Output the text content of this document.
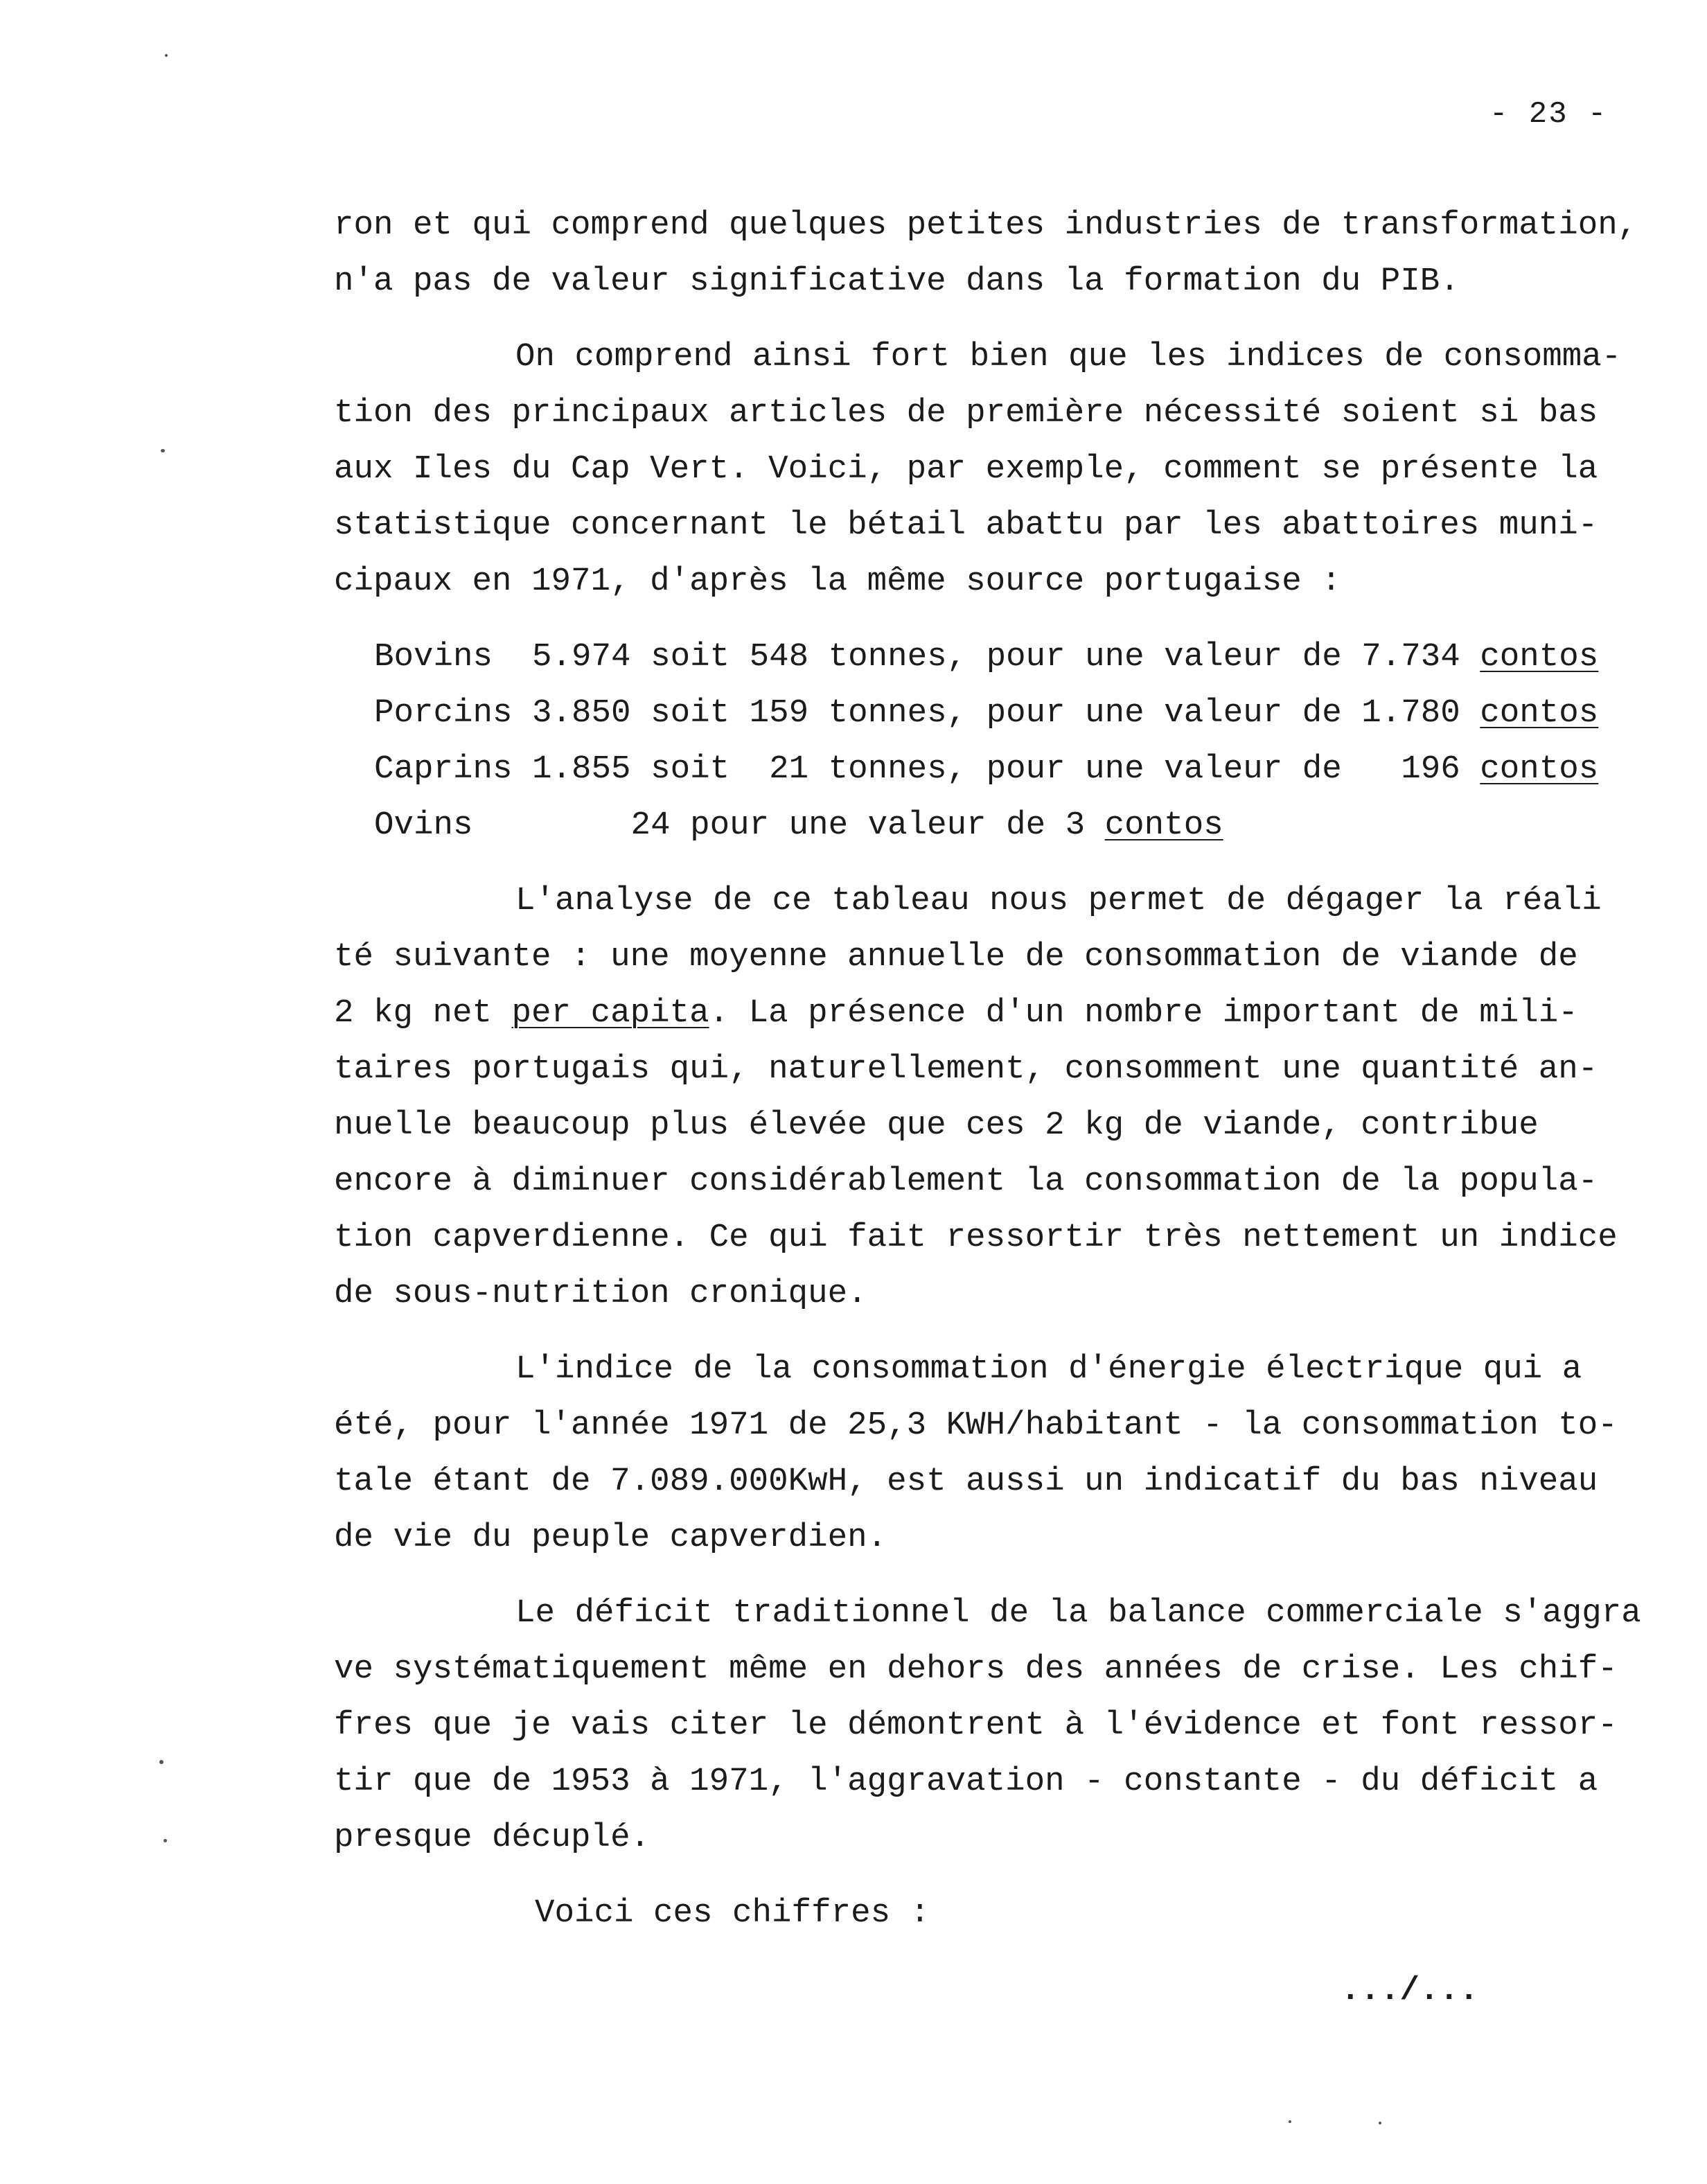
- 23 -
ron et qui comprend quelques petites industries de transformation,
n'a pas de valeur significative dans la formation du PIB.
On comprend ainsi fort bien que les indices de consomma-
tion des principaux articles de première nécessité soient si bas
aux Iles du Cap Vert. Voici, par exemple, comment se présente la
statistique concernant le bétail abattu par les abattoires muni-
cipaux en 1971, d'après la même source portugaise :
Bovins  5.974 soit 548 tonnes, pour une valeur de 7.734 contos
Porcins 3.850 soit 159 tonnes, pour une valeur de 1.780 contos
Caprins 1.855 soit  21 tonnes, pour une valeur de   196 contos
Ovins        24 pour une valeur de 3 contos
L'analyse de ce tableau nous permet de dégager la réali
té suivante : une moyenne annuelle de consommation de viande de
2 kg net per capita. La présence d'un nombre important de mili-
taires portugais qui, naturellement, consomment une quantité an-
nuelle beaucoup plus élevée que ces 2 kg de viande, contribue
encore à diminuer considérablement la consommation de la popula-
tion capverdienne. Ce qui fait ressortir très nettement un indice
de sous-nutrition cronique.
L'indice de la consommation d'énergie électrique qui a
été, pour l'année 1971 de 25,3 KWH/habitant - la consommation to-
tale étant de 7.089.000KwH, est aussi un indicatif du bas niveau
de vie du peuple capverdien.
Le déficit traditionnel de la balance commerciale s'aggra
ve systématiquement même en dehors des années de crise. Les chif-
fres que je vais citer le démontrent à l'évidence et font ressor-
tir que de 1953 à 1971, l'aggravation - constante - du déficit a
presque décuplé.
Voici ces chiffres :
.../...
